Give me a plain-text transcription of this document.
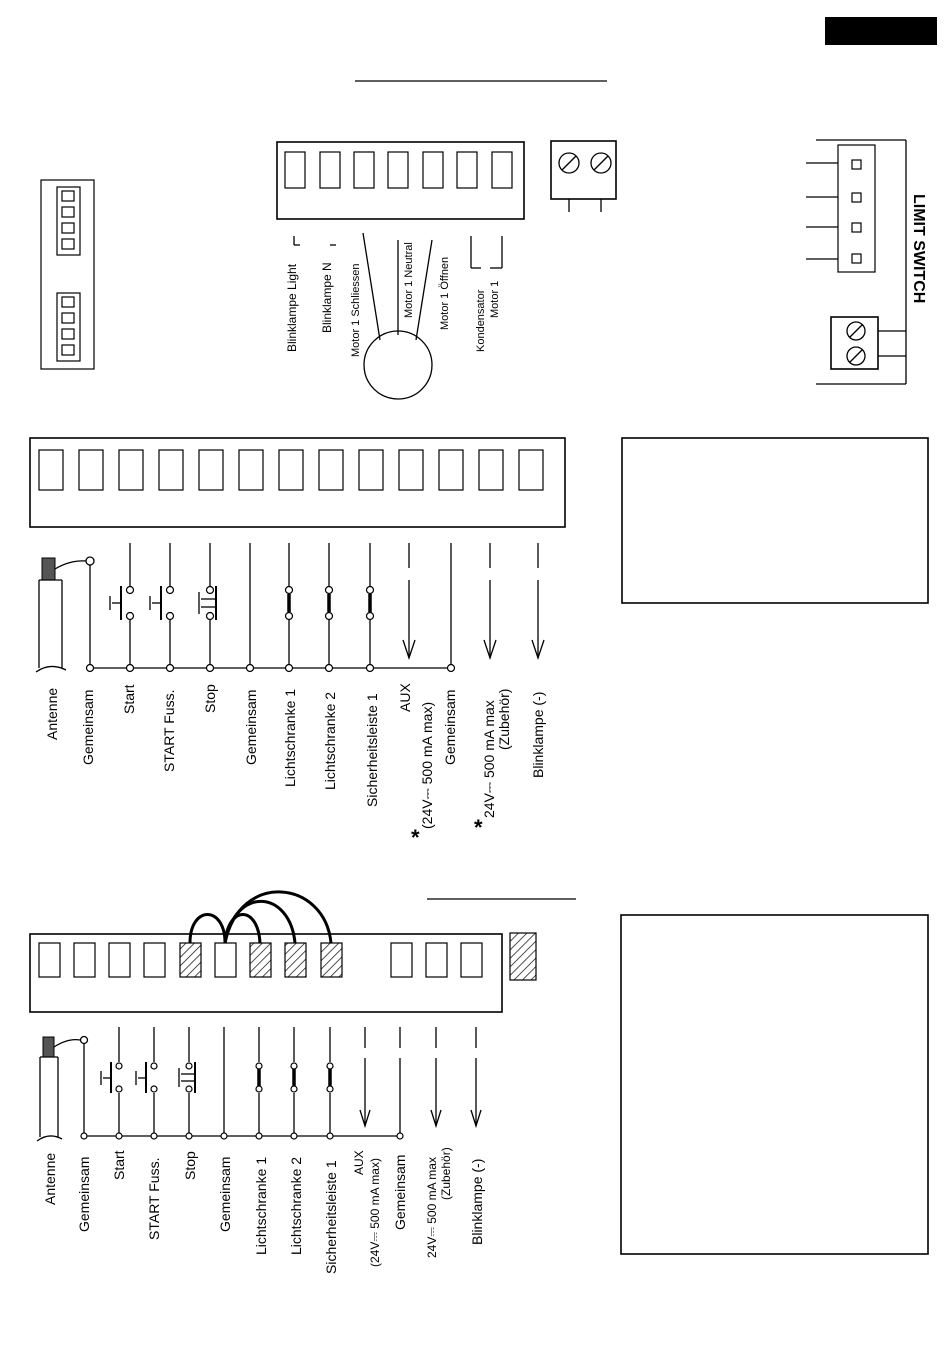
Blinklampe Light Blinklampe N Motor 1 Schliessen	Motor 1 Neutral Motor 1 Öffnen Kondensator Motor 1	LIMIT SWITCH
Antenne Gemeinsam Start START Fuss. Stop Gemeinsam Lichtschranke 1 Lichtschranke 2 Sicherheitsleiste 1 AUX
(24V⎓ 500 mA max) Gemeinsam 24V⎓ 500 mA max (Zubehör) Blinklampe (-)
* *
Antenne Gemeinsam Start START Fuss. Stop Gemeinsam Lichtschranke 1 Lichtschranke 2 Sicherheitsleiste 1 AUX (24V⎓ 500 mA max) Gemeinsam 24V⎓ 500 mA max (Zubehör) Blinklampe (-)
